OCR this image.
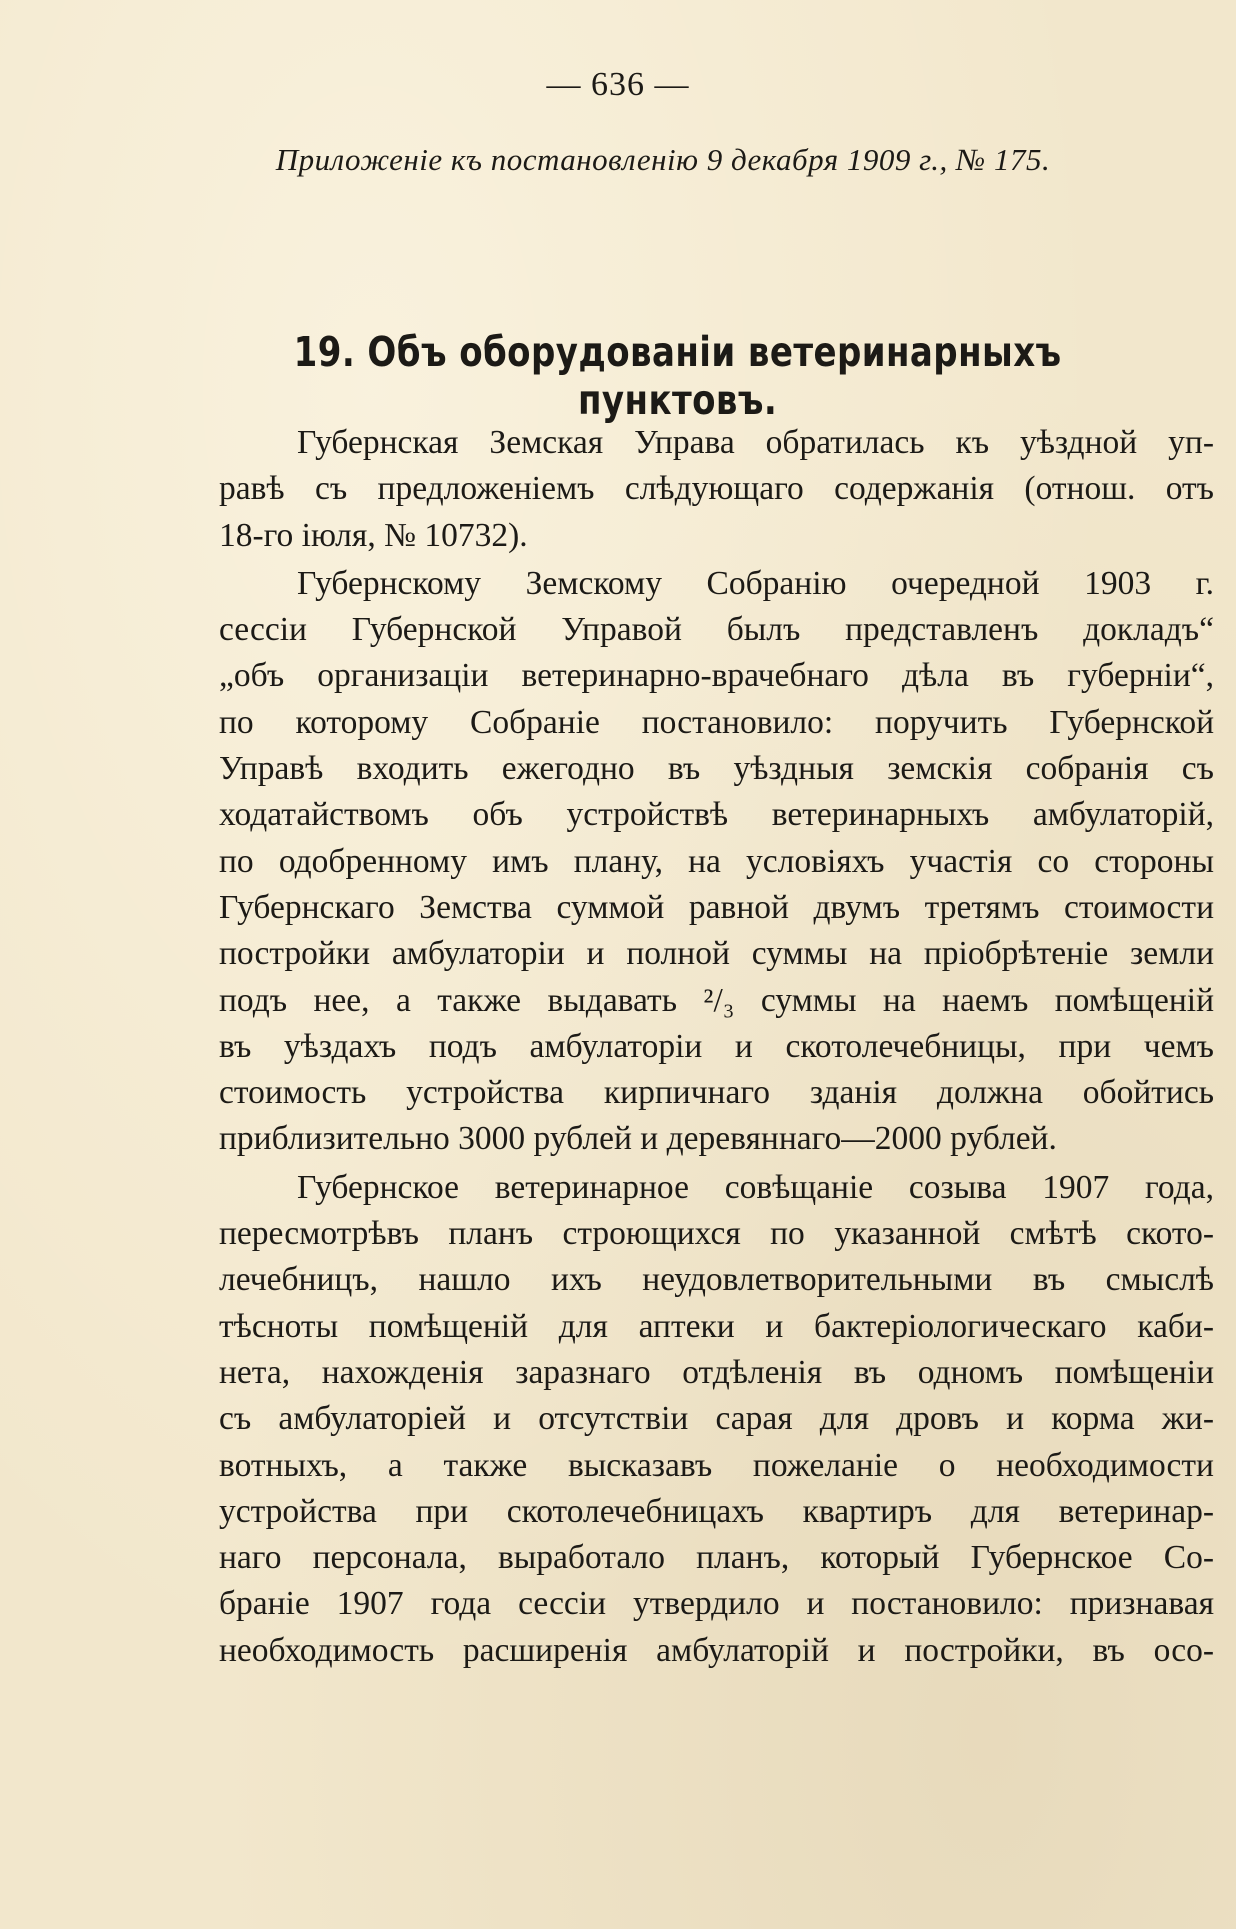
— 636 —
Приложеніе къ постановленію 9 декабря 1909 г., № 175.
19. Объ оборудованіи ветеринарныхъ пунктовъ.
Губернская Земская Управа обратилась къ уѣздной уп-
равѣ съ предложеніемъ слѣдующаго содержанія (отнош. отъ
18-го іюля, № 10732).
Губернскому Земскому Собранію очередной 1903 г.
сессіи Губернской Управой былъ представленъ докладъ“
„объ организаціи ветеринарно-врачебнаго дѣла въ губерніи“,
по которому Собраніе постановило: поручить Губернской
Управѣ входить ежегодно въ уѣздныя земскія собранія съ
ходатайствомъ объ устройствѣ ветеринарныхъ амбулаторій,
по одобренному имъ плану, на условіяхъ участія со стороны
Губернскаго Земства суммой равной двумъ третямъ стоимости
постройки амбулаторіи и полной суммы на пріобрѣтеніе земли
подъ нее, а также выдавать ²/₃ суммы на наемъ помѣщеній
въ уѣздахъ подъ амбулаторіи и скотолечебницы, при чемъ
стоимость устройства кирпичнаго зданія должна обойтись
приблизительно 3000 рублей и деревяннаго—2000 рублей.
Губернское ветеринарное совѣщаніе созыва 1907 года,
пересмотрѣвъ планъ строющихся по указанной смѣтѣ ското-
лечебницъ, нашло ихъ неудовлетворительными въ смыслѣ
тѣсноты помѣщеній для аптеки и бактеріологическаго каби-
нета, нахожденія заразнаго отдѣленія въ одномъ помѣщеніи
съ амбулаторіей и отсутствіи сарая для дровъ и корма жи-
вотныхъ, а также высказавъ пожеланіе о необходимости
устройства при скотолечебницахъ квартиръ для ветеринар-
наго персонала, выработало планъ, который Губернское Со-
браніе 1907 года сессіи утвердило и постановило: признавая
необходимость расширенія амбулаторій и постройки, въ осо-
